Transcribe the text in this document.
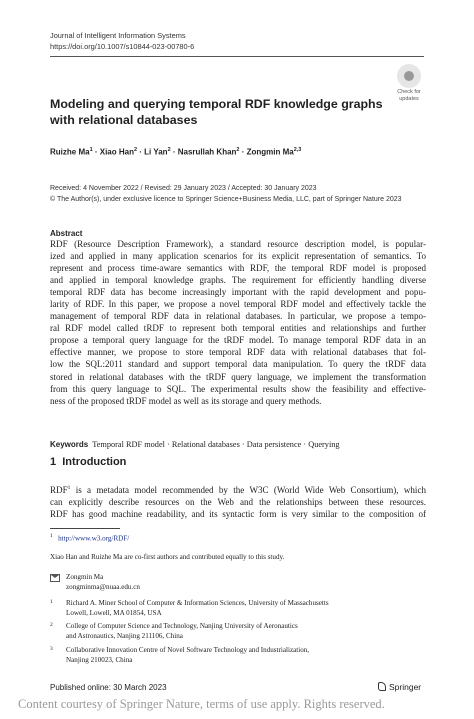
Journal of Intelligent Information Systems
https://doi.org/10.1007/s10844-023-00780-6
Check for
updates
Modeling and querying temporal RDF knowledge graphs
with relational databases
Ruizhe $Ma^1$ · Xiao Han$^2$ · Li Yan$^2$ · Nasrullah Khan$^2$ · Zongmin Ma$^{2,3}$
Received: 4 November 2022 / Revised: 29 January 2023 / Accepted: 30 January 2023
© The Author(s), under exclusive licence to Springer Science+Business Media, LLC, part of Springer Nature 2023
Abstract
RDF (Resource Description Framework), a standard resource description model, is popular-
ized and applied in many application scenarios for its explicit representation of semantics. To
represent and process time-aware semantics with RDF, the temporal RDF model is proposed
and applied in temporal knowledge graphs. The requirement for efficiently handling diverse
temporal RDF data has become increasingly important with the rapid development and popu-
larity of RDF. In this paper, we propose a novel temporal RDF model and effectively tackle the
management of temporal RDF data in relational databases. In particular, we propose a tempo-
ral RDF model called tRDF to represent both temporal entities and relationships and further
propose a temporal query language for the tRDF model. To manage temporal RDF data in an
effective manner, we propose to store temporal RDF data with relational databases that fol-
low the SQL:2011 standard and support temporal data manipulation. To query the tRDF data
stored in relational databases with the tRDF query language, we implement the transformation
from this query language to SQL. The experimental results show the feasibility and effective-
ness of the proposed tRDF model as well as its storage and query methods.
Keywords Temporal RDF model · Relational databases · Data persistence · Querying
1 Introduction
RDF$^1$ is a metadata model recommended by the W3C (World Wide Web Consortium), which
can explicitly describe resources on the Web and the relationships between these resources.
RDF has good machine readability, and its syntactic form is very similar to the composition of
$^1$ http://www.w3.org/RDF/
Xiao Han and Ruizhe Ma are co-first authors and contributed equally to this study.
Zongmin Ma
zongminma@nuaa.edu.cn
1 Richard A. Miner School of Computer & Information Sciences, University of Massachusetts
Lowell, Lowell, MA 01854, USA
2 College of Computer Science and Technology, Nanjing University of Aeronautics
and Astronautics, Nanjing 211106, China
3 Collaborative Innovation Centre of Novel Software Technology and Industrialization,
Nanjing 210023, China
Published online: 30 March 2023	Springer
Content courtesy of Springer Nature, terms of use apply. Rights reserved.
